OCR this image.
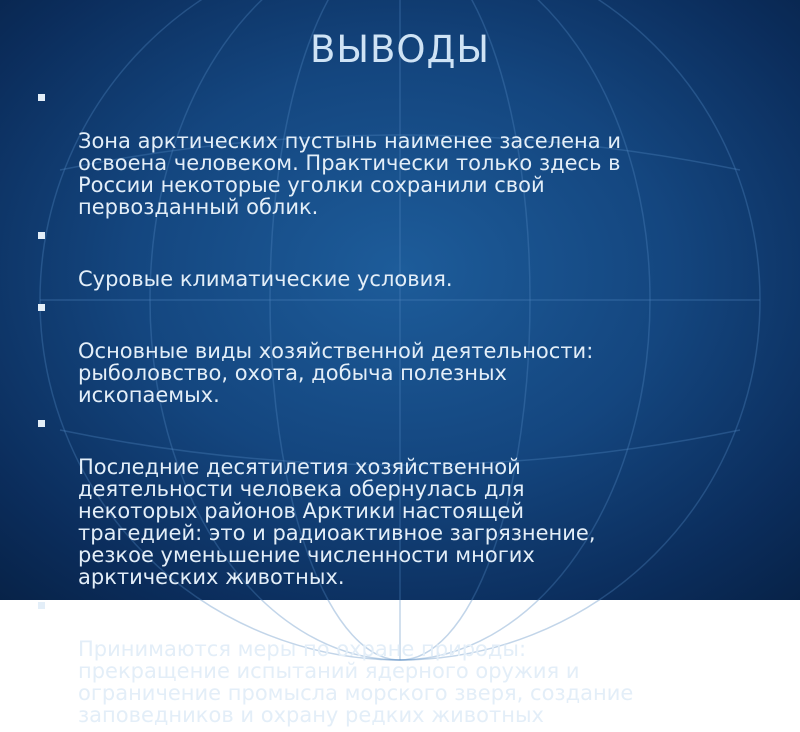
ВЫВОДЫ

Зона арктических пустынь наименее заселена и
освоена человеком. Практически только здесь в
России некоторые уголки сохранили свой
первозданный облик.

Суровые климатические условия.

Основные виды хозяйственной деятельности:
рыболовство, охота, добыча полезных
ископаемых.

Последние десятилетия хозяйственной
деятельности человека обернулась для
некоторых районов Арктики настоящей
трагедией: это и радиоактивное загрязнение,
резкое уменьшение численности многих
арктических животных.

Принимаются меры по охране природы:
прекращение испытаний ядерного оружия и
ограничение промысла морского зверя, создание
заповедников и охрану редких животных
